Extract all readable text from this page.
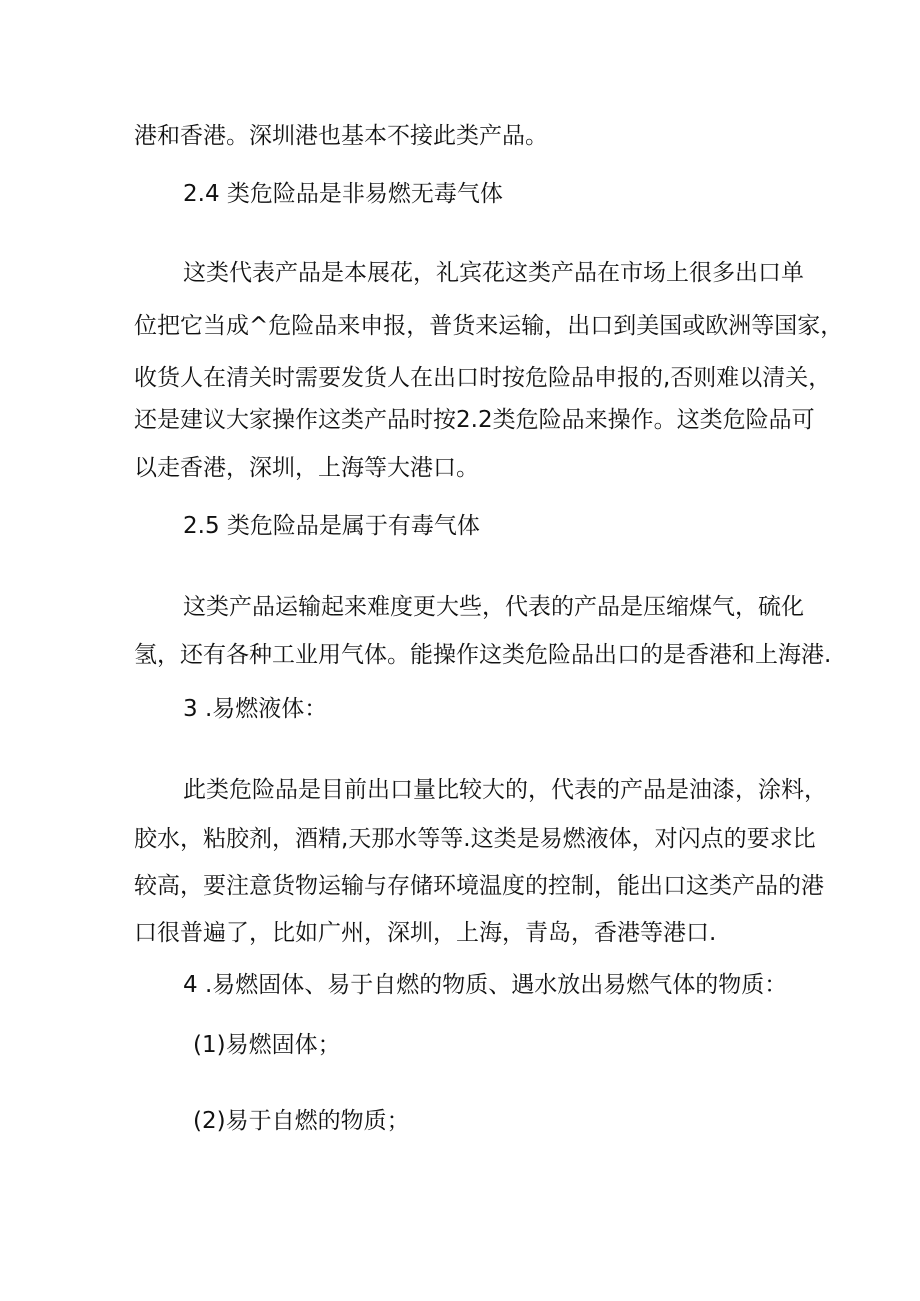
港和香港。深圳港也基本不接此类产品。
2.4 类危险品是非易燃无毒气体
这类代表产品是本展花，礼宾花这类产品在市场上很多出口单
位把它当成^危险品来申报，普货来运输，出口到美国或欧洲等国家，
收货人在清关时需要发货人在出口时按危险品申报的,否则难以清关，
还是建议大家操作这类产品时按2.2类危险品来操作。这类危险品可
以走香港，深圳，上海等大港口。
2.5 类危险品是属于有毒气体
这类产品运输起来难度更大些，代表的产品是压缩煤气，硫化
氢，还有各种工业用气体。能操作这类危险品出口的是香港和上海港.
3 .易燃液体：
此类危险品是目前出口量比较大的，代表的产品是油漆，涂料，
胶水，粘胶剂，酒精,天那水等等.这类是易燃液体，对闪点的要求比
较高，要注意货物运输与存储环境温度的控制，能出口这类产品的港
口很普遍了，比如广州，深圳，上海，青岛，香港等港口.
4 .易燃固体、易于自燃的物质、遇水放出易燃气体的物质：
(1)易燃固体；
(2)易于自燃的物质；
